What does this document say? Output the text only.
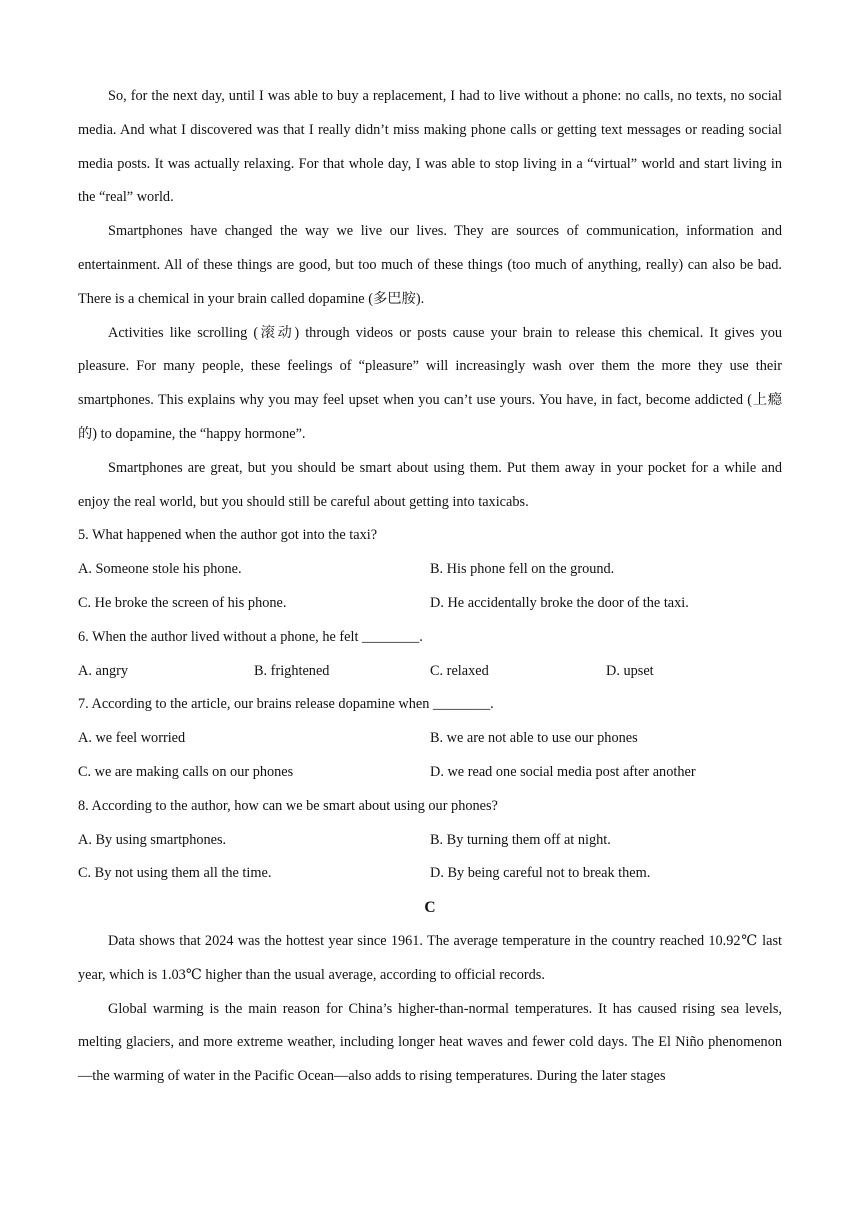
So, for the next day, until I was able to buy a replacement, I had to live without a phone: no calls, no texts, no social media. And what I discovered was that I really didn’t miss making phone calls or getting text messages or reading social media posts. It was actually relaxing. For that whole day, I was able to stop living in a “virtual” world and start living in the “real” world.

Smartphones have changed the way we live our lives. They are sources of communication, information and entertainment. All of these things are good, but too much of these things (too much of anything, really) can also be bad. There is a chemical in your brain called dopamine (多巴胺).

Activities like scrolling (滚动) through videos or posts cause your brain to release this chemical. It gives you pleasure. For many people, these feelings of “pleasure” will increasingly wash over them the more they use their smartphones. This explains why you may feel upset when you can’t use yours. You have, in fact, become addicted (上瘾的) to dopamine, the “happy hormone”.

Smartphones are great, but you should be smart about using them. Put them away in your pocket for a while and enjoy the real world, but you should still be careful about getting into taxicabs.

5. What happened when the author got into the taxi?
A. Someone stole his phone.	B. His phone fell on the ground.
C. He broke the screen of his phone.	D. He accidentally broke the door of the taxi.
6. When the author lived without a phone, he felt ________.
A. angry	B. frightened	C. relaxed	D. upset
7. According to the article, our brains release dopamine when ________.
A. we feel worried	B. we are not able to use our phones
C. we are making calls on our phones	D. we read one social media post after another
8. According to the author, how can we be smart about using our phones?
A. By using smartphones.	B. By turning them off at night.
C. By not using them all the time.	D. By being careful not to break them.
C

Data shows that 2024 was the hottest year since 1961. The average temperature in the country reached 10.92℃ last year, which is 1.03℃ higher than the usual average, according to official records.

Global warming is the main reason for China’s higher-than-normal temperatures. It has caused rising sea levels, melting glaciers, and more extreme weather, including longer heat waves and fewer cold days. The El Niño phenomenon—the warming of water in the Pacific Ocean—also adds to rising temperatures. During the later stages
